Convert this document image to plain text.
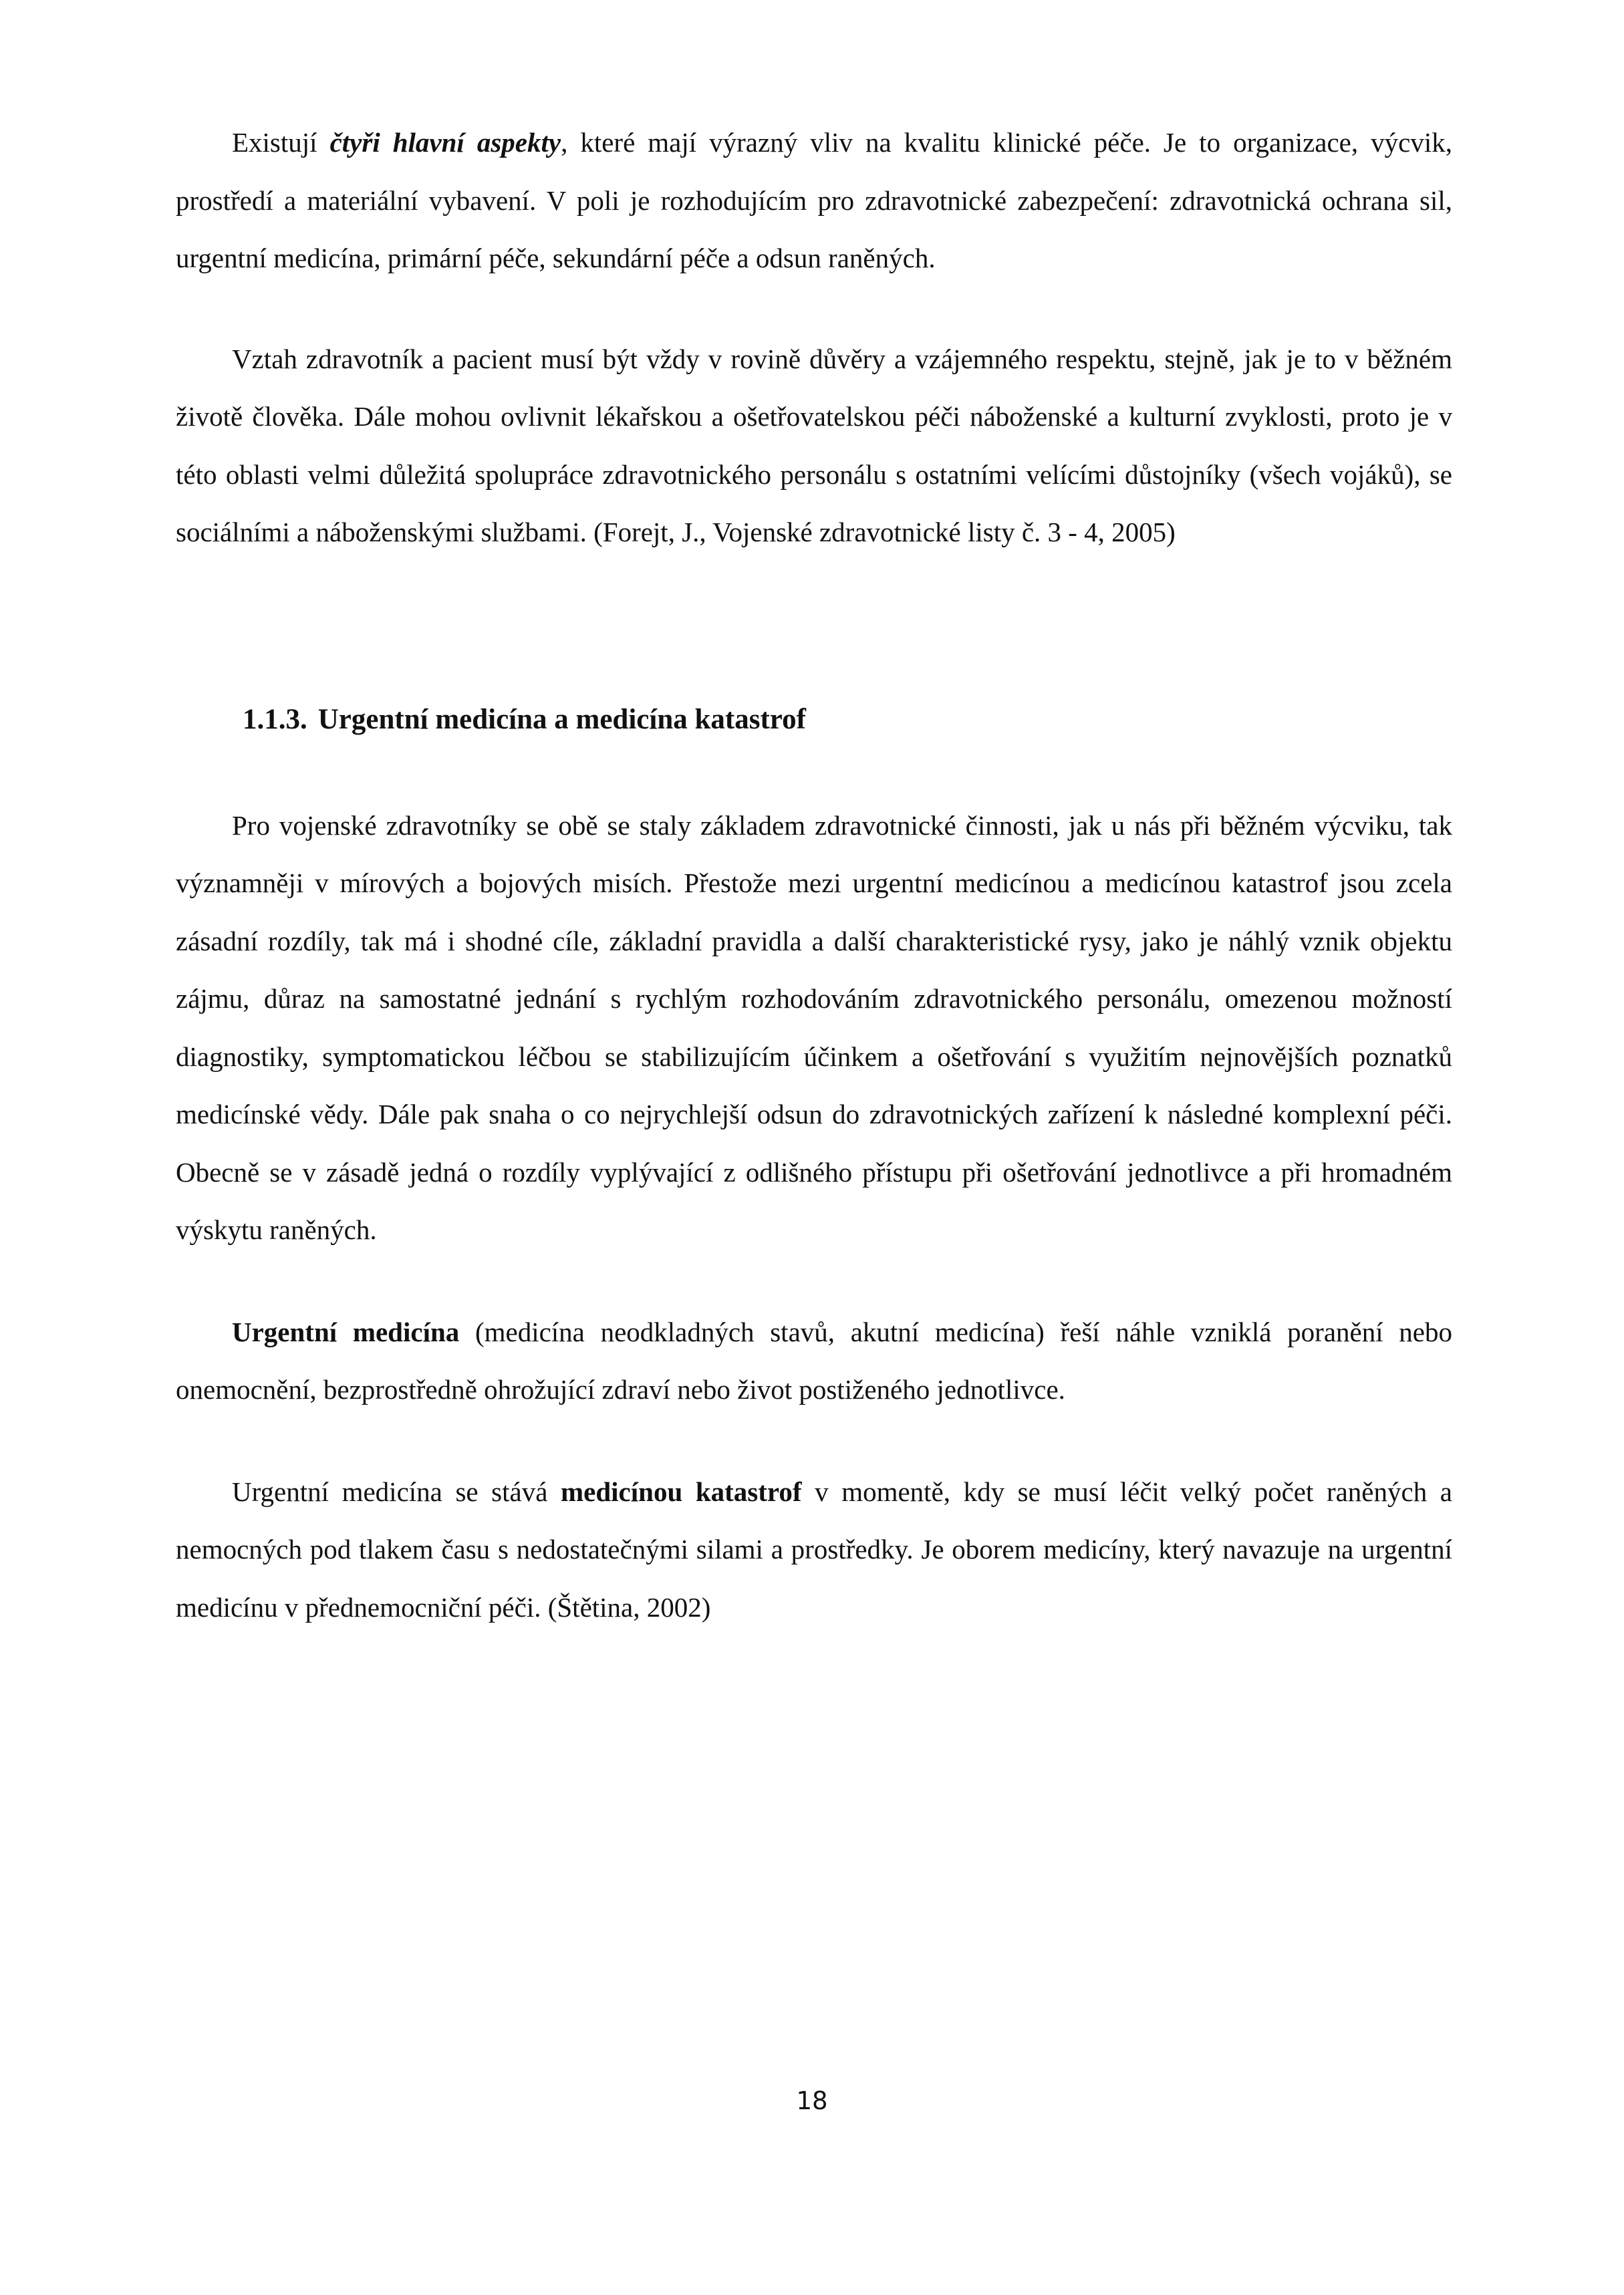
Existují čtyři hlavní aspekty, které mají výrazný vliv na kvalitu klinické péče. Je to organizace, výcvik, prostředí a materiální vybavení. V poli je rozhodujícím pro zdravotnické zabezpečení: zdravotnická ochrana sil, urgentní medicína, primární péče, sekundární péče a odsun raněných.

Vztah zdravotník a pacient musí být vždy v rovině důvěry a vzájemného respektu, stejně, jak je to v běžném životě člověka. Dále mohou ovlivnit lékařskou a ošetřovatelskou péči náboženské a kulturní zvyklosti, proto je v této oblasti velmi důležitá spolupráce zdravotnického personálu s ostatními velícími důstojníky (všech vojáků), se sociálními a náboženskými službami. (Forejt, J., Vojenské zdravotnické listy č. 3 - 4, 2005)

1.1.3. Urgentní medicína a medicína katastrof

Pro vojenské zdravotníky se obě se staly základem zdravotnické činnosti, jak u nás při běžném výcviku, tak významněji v mírových a bojových misích. Přestože mezi urgentní medicínou a medicínou katastrof jsou zcela zásadní rozdíly, tak má i shodné cíle, základní pravidla a další charakteristické rysy, jako je náhlý vznik objektu zájmu, důraz na samostatné jednání s rychlým rozhodováním zdravotnického personálu, omezenou možností diagnostiky, symptomatickou léčbou se stabilizujícím účinkem a ošetřování s využitím nejnovějších poznatků medicínské vědy. Dále pak snaha o co nejrychlejší odsun do zdravotnických zařízení k následné komplexní péči. Obecně se v zásadě jedná o rozdíly vyplývající z odlišného přístupu při ošetřování jednotlivce a při hromadném výskytu raněných.

Urgentní medicína (medicína neodkladných stavů, akutní medicína) řeší náhle vzniklá poranění nebo onemocnění, bezprostředně ohrožující zdraví nebo život postiženého jednotlivce.

Urgentní medicína se stává medicínou katastrof v momentě, kdy se musí léčit velký počet raněných a nemocných pod tlakem času s nedostatečnými silami a prostředky. Je oborem medicíny, který navazuje na urgentní medicínu v přednemocniční péči. (Štětina, 2002)

18
